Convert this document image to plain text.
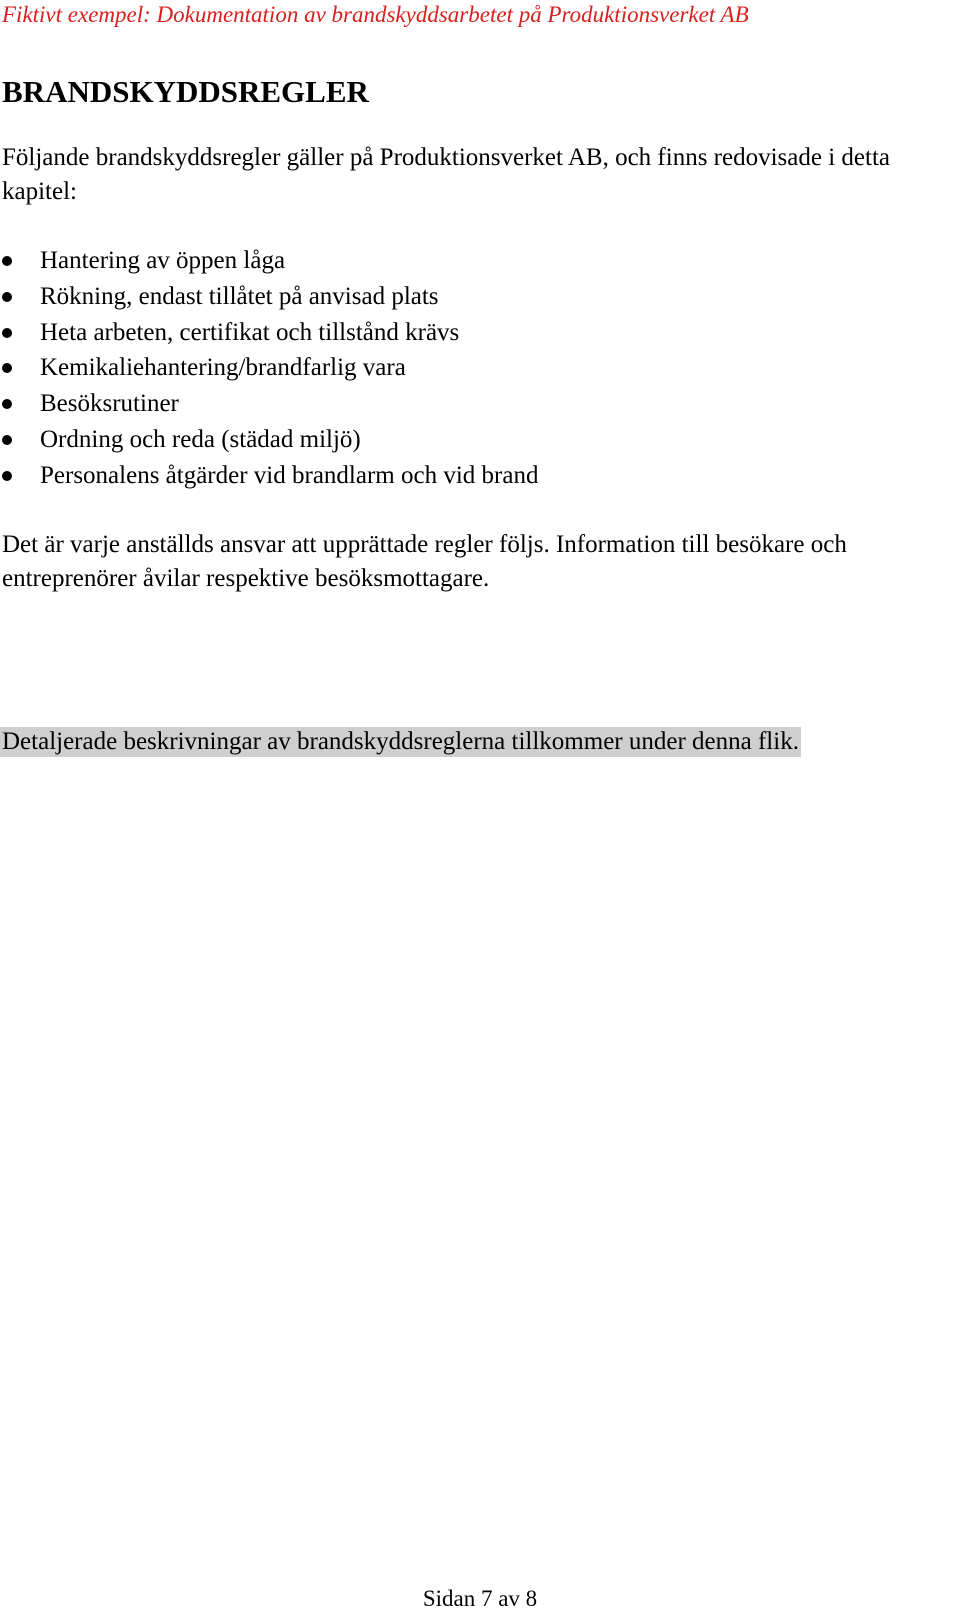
Fiktivt exempel: Dokumentation av brandskyddsarbetet på Produktionsverket AB
BRANDSKYDDSREGLER

Följande brandskyddsregler gäller på Produktionsverket AB, och finns redovisade i detta kapitel:

Hantering av öppen låga
Rökning, endast tillåtet på anvisad plats
Heta arbeten, certifikat och tillstånd krävs
Kemikaliehantering/brandfarlig vara
Besöksrutiner
Ordning och reda (städad miljö)
Personalens åtgärder vid brandlarm och vid brand

Det är varje anställds ansvar att upprättade regler följs. Information till besökare och entreprenörer åvilar respektive besöksmottagare.

Detaljerade beskrivningar av brandskyddsreglerna tillkommer under denna flik.

Sidan 7 av 8
